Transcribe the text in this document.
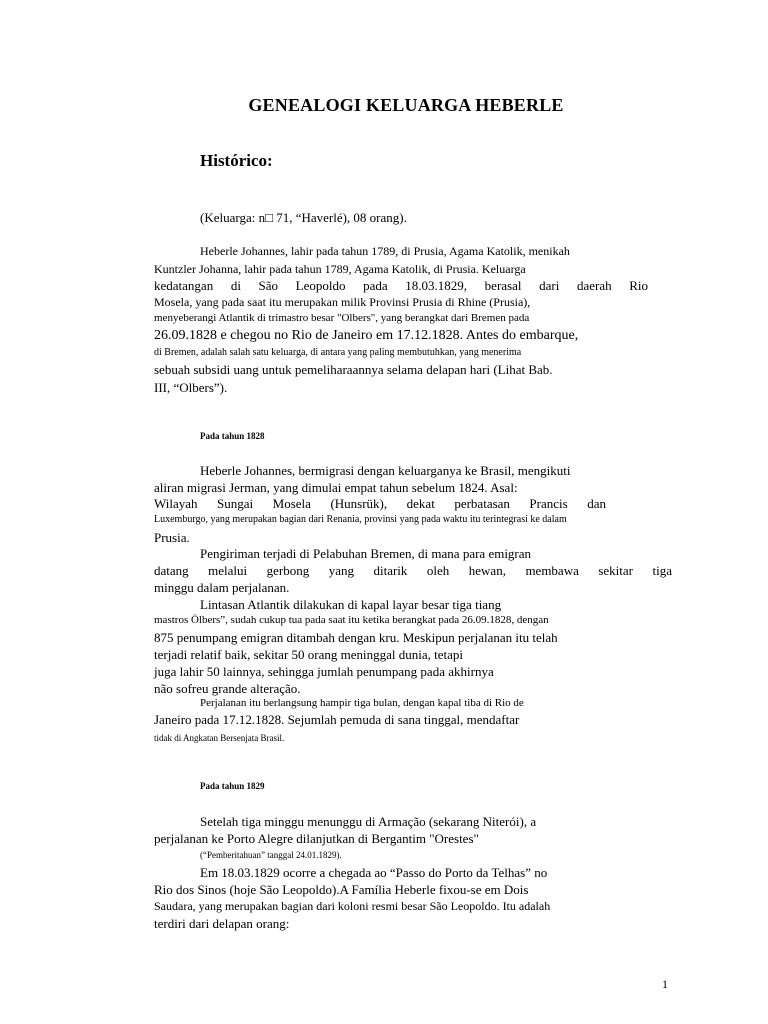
GENEALOGI KELUARGA HEBERLE
Histórico:
(Keluarga: n□ 71, “Haverlé), 08 orang).
Heberle Johannes, lahir pada tahun 1789, di Prusia, Agama Katolik, menikah
Kuntzler Johanna, lahir pada tahun 1789, Agama Katolik, di Prusia. Keluarga
kedatangan di São Leopoldo pada 18.03.1829, berasal dari daerah Rio
Mosela, yang pada saat itu merupakan milik Provinsi Prusia di Rhine (Prusia),
menyeberangi Atlantik di trimastro besar "Olbers", yang berangkat dari Bremen pada
26.09.1828 e chegou no Rio de Janeiro em 17.12.1828. Antes do embarque,
di Bremen, adalah salah satu keluarga, di antara yang paling membutuhkan, yang menerima
sebuah subsidi uang untuk pemeliharaannya selama delapan hari (Lihat Bab.
III, “Olbers”).
Pada tahun 1828
Heberle Johannes, bermigrasi dengan keluarganya ke Brasil, mengikuti
aliran migrasi Jerman, yang dimulai empat tahun sebelum 1824. Asal:
Wilayah Sungai Mosela (Hunsrük), dekat perbatasan Prancis dan
Luxemburgo, yang merupakan bagian dari Renania, provinsi yang pada waktu itu terintegrasi ke dalam
Prusia.
Pengiriman terjadi di Pelabuhan Bremen, di mana para emigran
datang melalui gerbong yang ditarik oleh hewan, membawa sekitar tiga
minggu dalam perjalanan.
Lintasan Atlantik dilakukan di kapal layar besar tiga tiang
mastros Ölbers”, sudah cukup tua pada saat itu ketika berangkat pada 26.09.1828, dengan
875 penumpang emigran ditambah dengan kru. Meskipun perjalanan itu telah
terjadi relatif baik, sekitar 50 orang meninggal dunia, tetapi
juga lahir 50 lainnya, sehingga jumlah penumpang pada akhirnya
não sofreu grande alteração.
Perjalanan itu berlangsung hampir tiga bulan, dengan kapal tiba di Rio de
Janeiro pada 17.12.1828. Sejumlah pemuda di sana tinggal, mendaftar
tidak di Angkatan Bersenjata Brasil.
Pada tahun 1829
Setelah tiga minggu menunggu di Armação (sekarang Niterói), a
perjalanan ke Porto Alegre dilanjutkan di Bergantim "Orestes"
(“Pemberitahuan” tanggal 24.01.1829).
Em 18.03.1829 ocorre a chegada ao “Passo do Porto da Telhas” no
Rio dos Sinos (hoje São Leopoldo).A Família Heberle fixou-se em Dois
Saudara, yang merupakan bagian dari koloni resmi besar São Leopoldo. Itu adalah
terdiri dari delapan orang:
1
